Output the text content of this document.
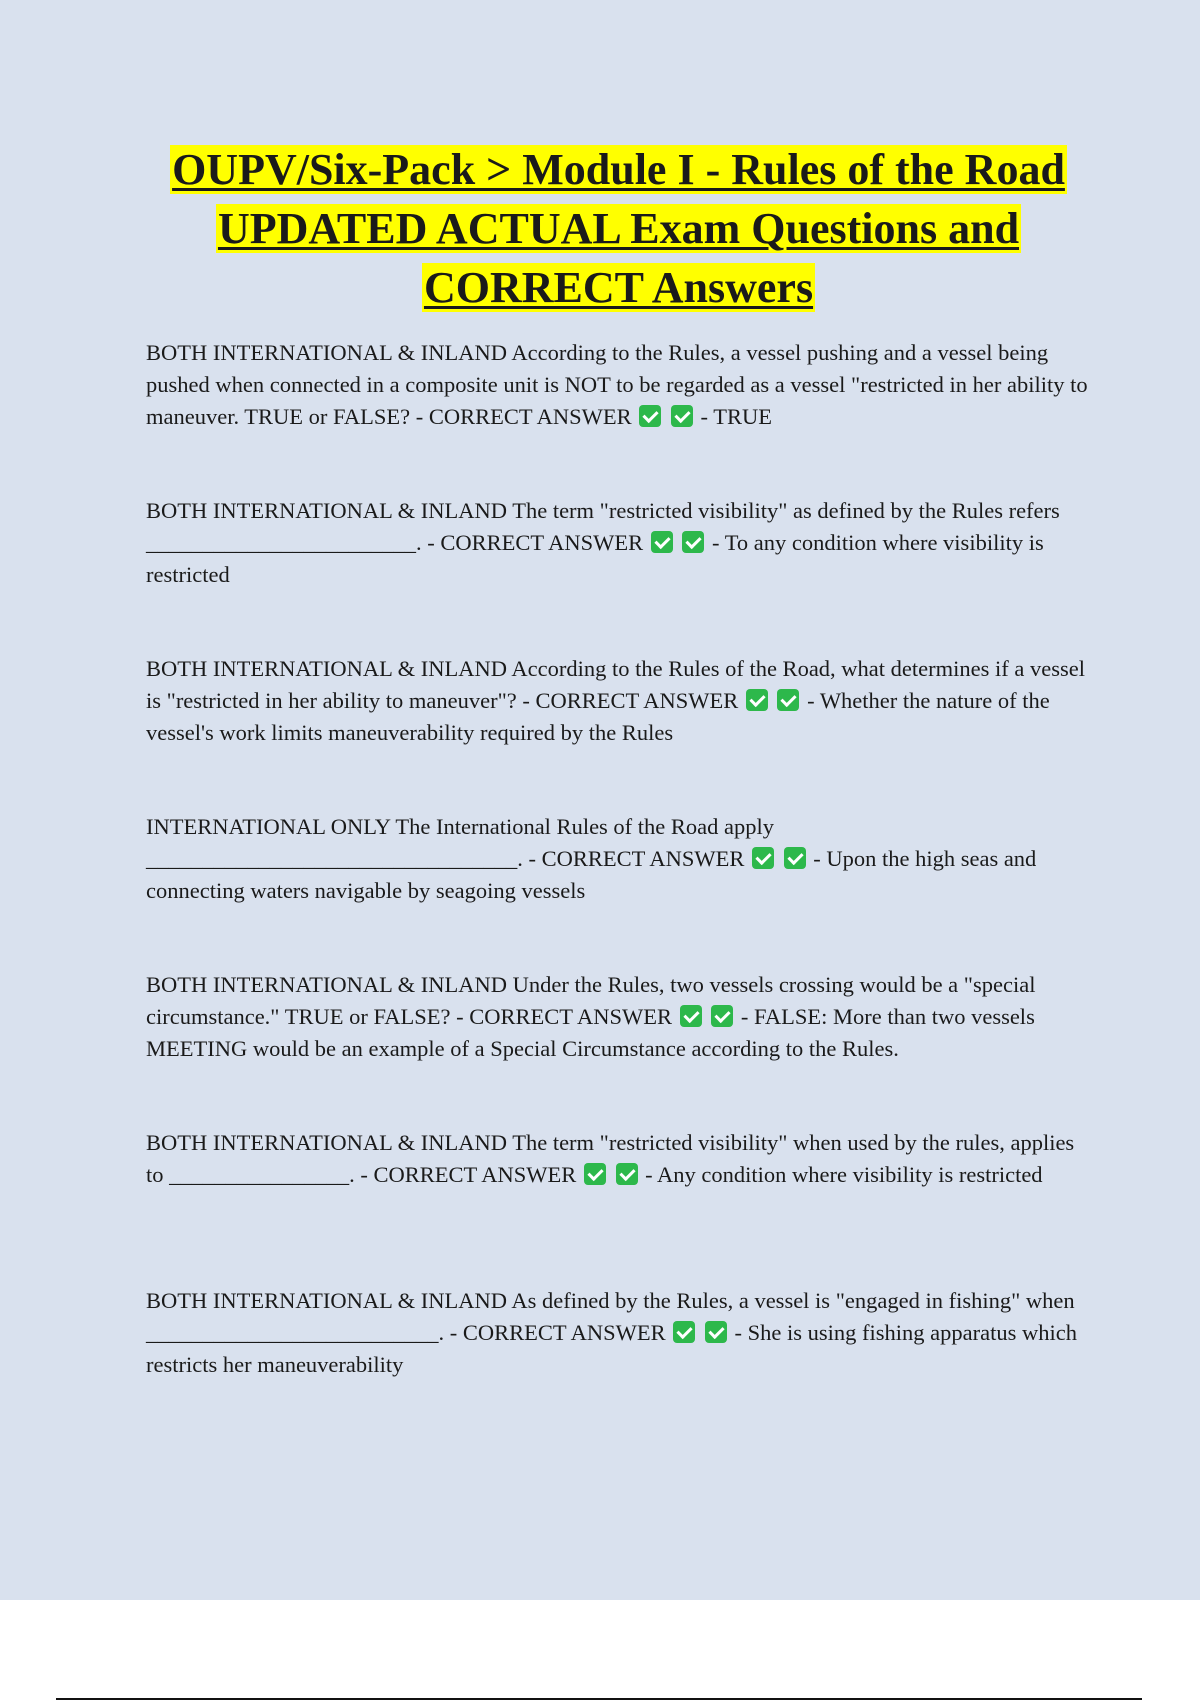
OUPV/Six-Pack > Module I - Rules of the Road UPDATED ACTUAL Exam Questions and CORRECT Answers

BOTH INTERNATIONAL & INLAND According to the Rules, a vessel pushing and a vessel being pushed when connected in a composite unit is NOT to be regarded as a vessel "restricted in her ability to maneuver. TRUE or FALSE? - CORRECT ANSWER	- TRUE

BOTH INTERNATIONAL & INLAND The term "restricted visibility" as defined by the Rules refers ________________________. - CORRECT ANSWER	- To any condition where visibility is restricted

BOTH INTERNATIONAL & INLAND According to the Rules of the Road, what determines if a vessel is "restricted in her ability to maneuver"? - CORRECT ANSWER	- Whether the nature of the vessel's work limits maneuverability required by the Rules

INTERNATIONAL ONLY The International Rules of the Road apply _________________________________. - CORRECT ANSWER	- Upon the high seas and connecting waters navigable by seagoing vessels

BOTH INTERNATIONAL & INLAND Under the Rules, two vessels crossing would be a "special circumstance." TRUE or FALSE? - CORRECT ANSWER	- FALSE: More than two vessels MEETING would be an example of a Special Circumstance according to the Rules.

BOTH INTERNATIONAL & INLAND The term "restricted visibility" when used by the rules, applies to ________________. - CORRECT ANSWER	- Any condition where visibility is restricted

BOTH INTERNATIONAL & INLAND As defined by the Rules, a vessel is "engaged in fishing" when __________________________. - CORRECT ANSWER	- She is using fishing apparatus which restricts her maneuverability
